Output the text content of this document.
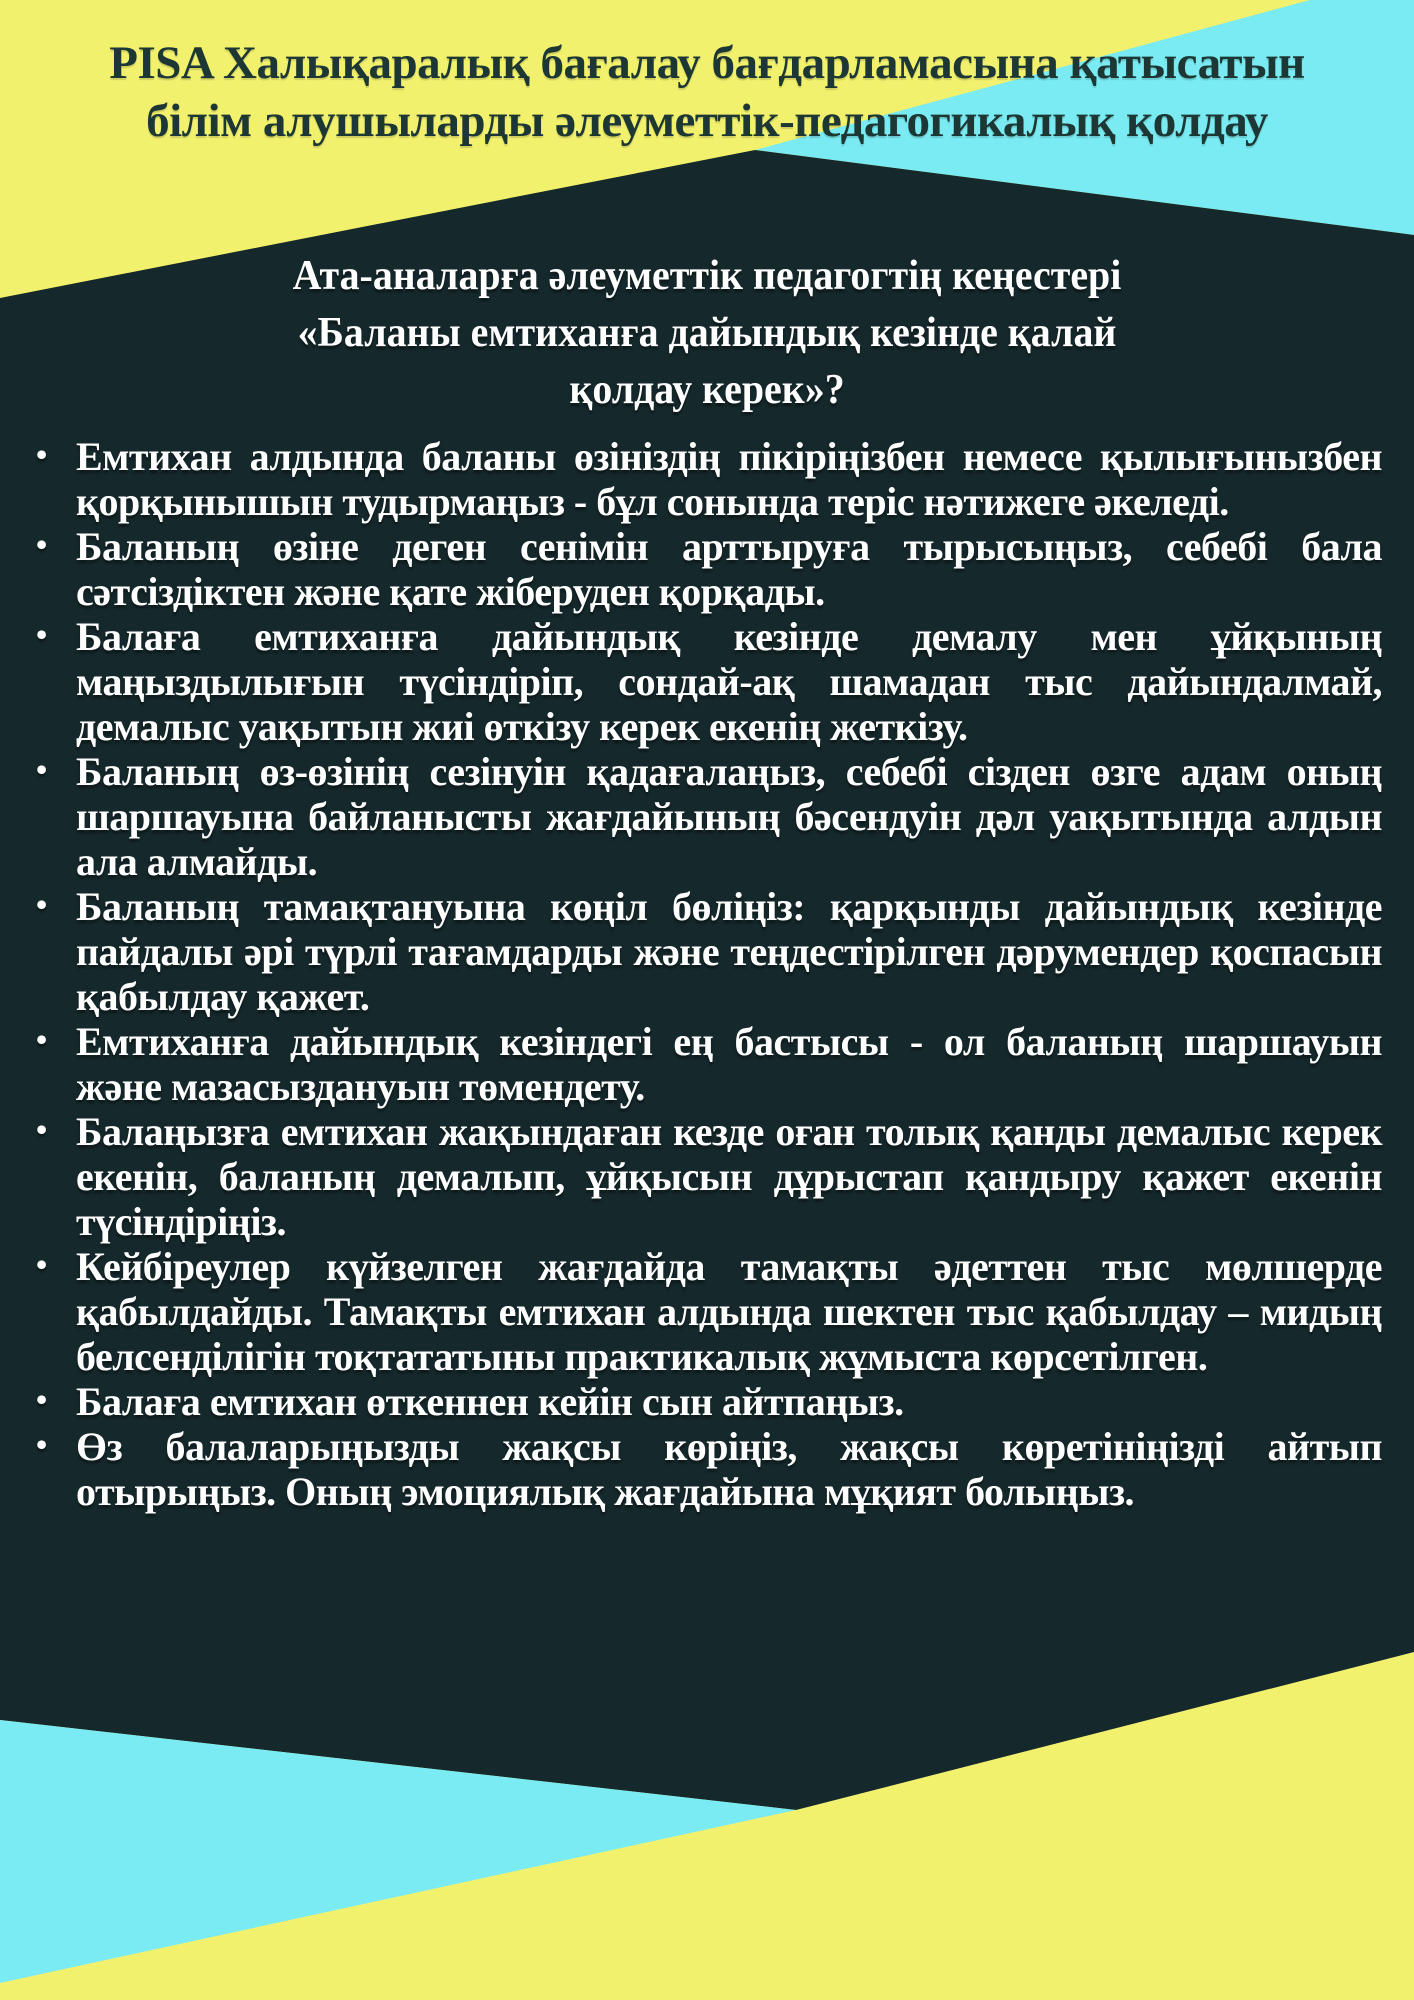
PISA Халықаралық бағалау бағдарламасына қатысатын
білім алушыларды әлеуметтік-педагогикалық қолдау
Ата-аналарға әлеуметтік педагогтің кеңестері
«Баланы емтиханға дайындық кезінде қалай
қолдау керек»?
• Емтихан алдында баланы өзініздің пікіріңізбен немесе қылығынызбен қорқынышын тудырмаңыз - бұл сонында теріс нәтижеге әкеледі.
• Баланың өзіне деген сенімін арттыруға тырысыңыз, себебі бала сәтсіздіктен және қате жіберуден қорқады.
• Балаға емтиханға дайындық кезінде демалу мен ұйқының маңыздылығын түсіндіріп, сондай-ақ шамадан тыс дайындалмай, демалыс уақытын жиі өткізу керек екенің жеткізу.
• Баланың өз-өзінің сезінуін қадағалаңыз, себебі сізден өзге адам оның шаршауына байланысты жағдайының бәсендуін дәл уақытында алдын ала алмайды.
• Баланың тамақтануына көңіл бөліңіз: қарқынды дайындық кезінде пайдалы әрі түрлі тағамдарды және теңдестірілген дәрумендер қоспасын қабылдау қажет.
• Емтиханға дайындық кезіндегі ең бастысы - ол баланың шаршауын және мазасыздануын төмендету.
• Балаңызға емтихан жақындаған кезде оған толық қанды демалыс керек екенін, баланың демалып, ұйқысын дұрыстап қандыру қажет екенін түсіндіріңіз.
• Кейбіреулер күйзелген жағдайда тамақты әдеттен тыс мөлшерде қабылдайды. Тамақты емтихан алдында шектен тыс қабылдау – мидың белсенділігін тоқтататыны практикалық жұмыста көрсетілген.
• Балаға емтихан өткеннен кейін сын айтпаңыз.
• Өз балаларыңызды жақсы көріңіз, жақсы көретініңізді айтып отырыңыз. Оның эмоциялық жағдайына мұқият болыңыз.
